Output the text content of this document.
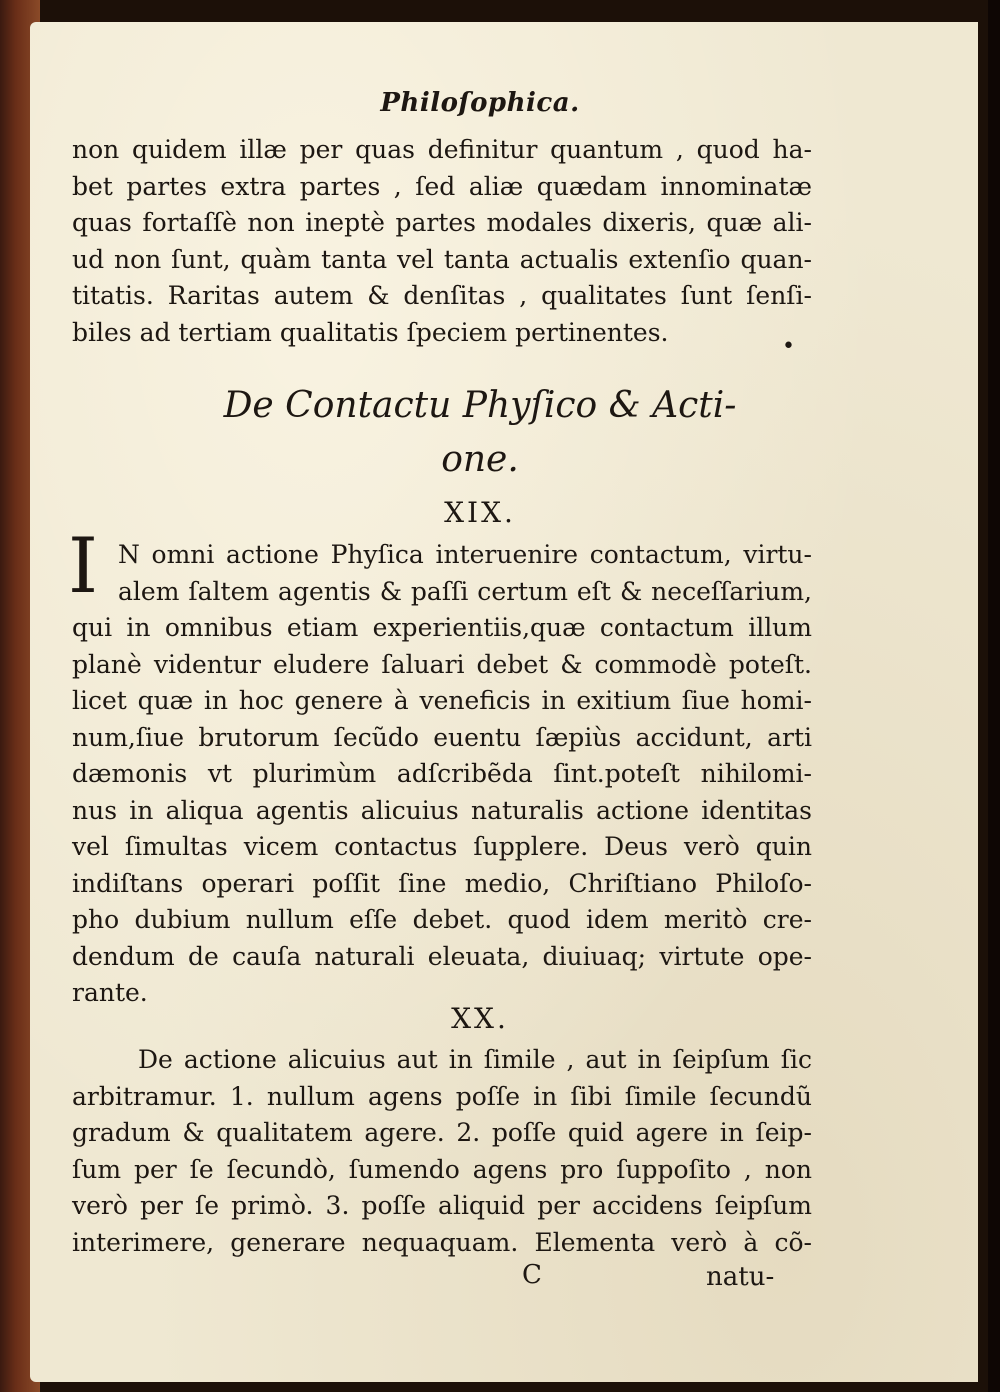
Philoſophica.
non quidem illæ per quas definitur quantum , quod ha-
bet partes extra partes , ſed aliæ quædam innominatæ
quas fortaſſè non ineptè partes modales dixeris, quæ ali-
ud non ſunt, quàm tanta vel tanta actualis extenſio quan-
titatis. Raritas autem & denſitas , qualitates ſunt ſenſi-
biles ad tertiam qualitatis ſpeciem pertinentes.	•
De Contactu Phyſico & Acti-
one.
XIX.
I N omni actione Phyſica interuenire contactum, virtu-
alem ſaltem agentis & paſſi certum eſt & neceſſarium,
qui in omnibus etiam experientiis,quæ contactum illum
planè videntur eludere ſaluari debet & commodè poteſt.
licet quæ in hoc genere à veneficis in exitium ſiue homi-
num,ſiue brutorum ſecũdo euentu ſæpiùs accidunt, arti
dæmonis vt plurimùm adſcribẽda ſint.poteſt nihilomi-
nus in aliqua agentis alicuius naturalis actione identitas
vel ſimultas vicem contactus ſupplere. Deus verò quin
indiſtans operari poſſit ſine medio, Chriſtiano Philoſo-
pho dubium nullum eſſe debet. quod idem meritò cre-
dendum de cauſa naturali eleuata, diuiuaq; virtute ope-
rante.
XX.
De actione alicuius aut in ſimile , aut in ſeipſum ſic
arbitramur. 1. nullum agens poſſe in ſibi ſimile ſecundũ
gradum & qualitatem agere. 2. poſſe quid agere in ſeip-
ſum per ſe ſecundò, ſumendo agens pro ſuppoſito , non
verò per ſe primò. 3. poſſe aliquid per accidens ſeipſum
interimere, generare nequaquam. Elementa verò à cõ-
C	natu-
